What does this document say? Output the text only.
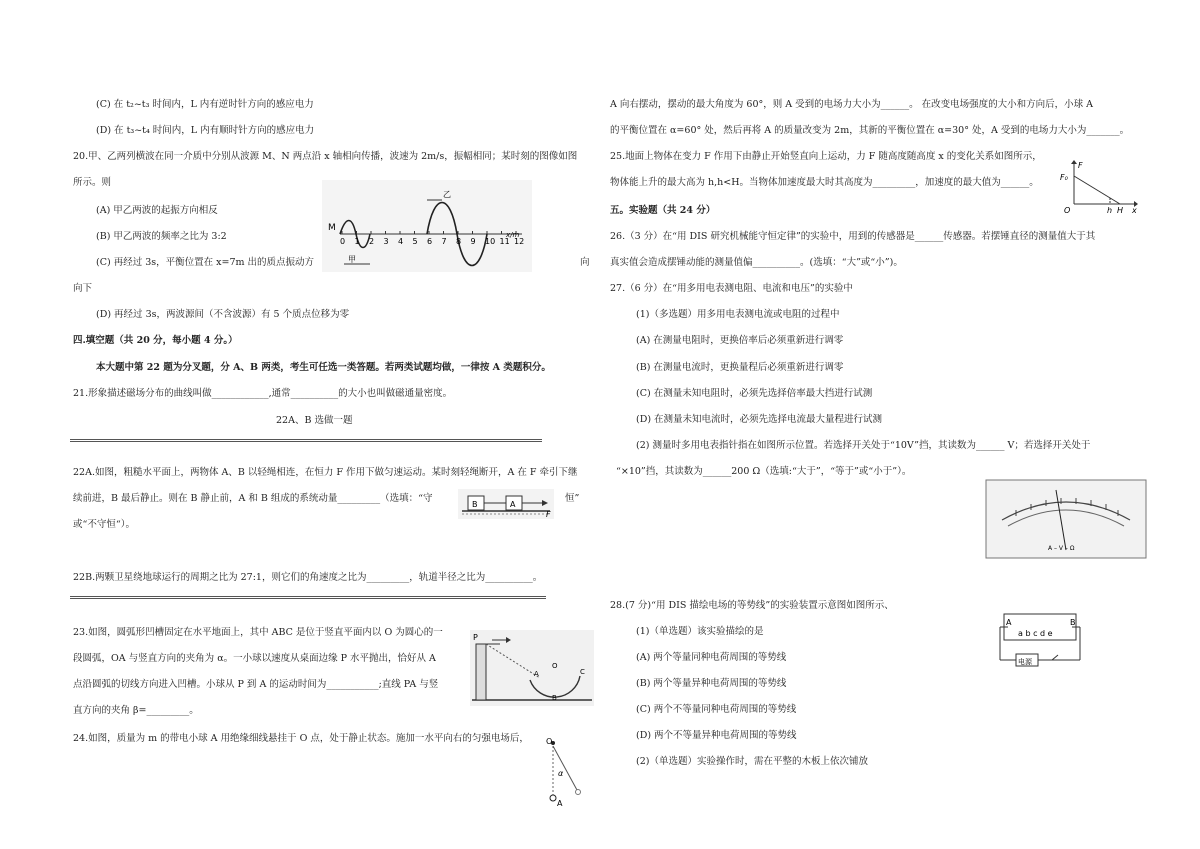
(C) 在 t₂~t₃ 时间内，L 内有逆时针方向的感应电力
(D) 在 t₃~t₄ 时间内，L 内有顺时针方向的感应电力
20.甲、乙两列横波在同一介质中分别从波源 M、N 两点沿 x 轴相向传播，波速为 2m/s，振幅相同；某时刻的图像如图
所示。则
(A) 甲乙两波的起振方向相反
(B) 甲乙两波的频率之比为 3:2
(C) 再经过 3s，平衡位置在 x=7m 出的质点振动方	向
向下
(D) 再经过 3s，两波源间（不含波源）有 5 个质点位移为零
四.填空题（共 20 分，每小题 4 分。）
本大题中第 22 题为分叉题，分 A、B 两类，考生可任选一类答题。若两类试题均做，一律按 A 类题积分。
21.形象描述磁场分布的曲线叫做____________,通常__________的大小也叫做磁通量密度。
22A、B 选做一题
22A.如图，粗糙水平面上，两物体 A、B 以轻绳相连，在恒力 F 作用下做匀速运动。某时刻轻绳断开，A 在 F 牵引下继
续前进，B 最后静止。则在 B 静止前，A 和 B 组成的系统动量_________（选填：“守	恒”
或“不守恒“）。
22B.两颗卫星绕地球运行的周期之比为 27:1，则它们的角速度之比为_________，轨道半径之比为__________。
23.如图，圆弧形凹槽固定在水平地面上，其中 ABC 是位于竖直平面内以 O 为圆心的一
段圆弧，OA 与竖直方向的夹角为 α。一小球以速度从桌面边缘 P 水平抛出，恰好从 A
点沿圆弧的切线方向进入凹槽。小球从 P 到 A 的运动时间为___________;直线 PA 与竖
直方向的夹角 β=_________。
24.如图，质量为 m 的带电小球 A 用绝缘细线悬挂于 O 点，处于静止状态。施加一水平向右的匀强电场后，
M
0 1 2 3 4 5 6 7 8 9 10 11 12
x/m
甲
乙
B	A
F
P
A
B
C
O
O
A
α
A 向右摆动，摆动的最大角度为 60°，则 A 受到的电场力大小为______。 在改变电场强度的大小和方向后，小球 A
的平衡位置在 α=60° 处，然后再将 A 的质量改变为 2m，其新的平衡位置在 α=30° 处，A 受到的电场力大小为_______。
25.地面上物体在变力 F 作用下由静止开始竖直向上运动，力 F 随高度随高度 x 的变化关系如图所示，
物体能上升的最大高为 h,h<H。当物体加速度最大时其高度为_________，加速度的最大值为______。
五。实验题（共 24 分）
26.（3 分）在“用 DIS 研究机械能守恒定律”的实验中，用到的传感器是______传感器。若摆锤直径的测量值大于其
真实值会造成摆锤动能的测量值偏__________。(选填：“大”或“小”)。
27.（6 分）在“用多用电表测电阻、电流和电压”的实验中
(1)（多选题）用多用电表测电流或电阻的过程中
(A) 在测量电阻时，更换倍率后必须重新进行调零
(B) 在测量电流时，更换量程后必须重新进行调零
(C) 在测量未知电阻时，必须先选择倍率最大挡进行试测
(D) 在测量未知电流时，必须先选择电流最大量程进行试测
(2) 测量时多用电表指针指在如图所示位置。若选择开关处于“10V”挡，其读数为______ V；若选择开关处于
“×10”挡，其读数为______200 Ω（选填:“大于”，“等于”或“小于”）。
28.(7 分)“用 DIS 描绘电场的等势线”的实验装置示意图如图所示、
(1)（单选题）该实验描绘的是
(A) 两个等量同种电荷周围的等势线
(B) 两个等量异种电荷周围的等势线
(C) 两个不等量同种电荷周围的等势线
(D) 两个不等量异种电荷周围的等势线
(2)（单选题）实验操作时，需在平整的木板上依次铺放
F
F₀
O	h H x
A – V – Ω
A	B
a b c d e
电源
